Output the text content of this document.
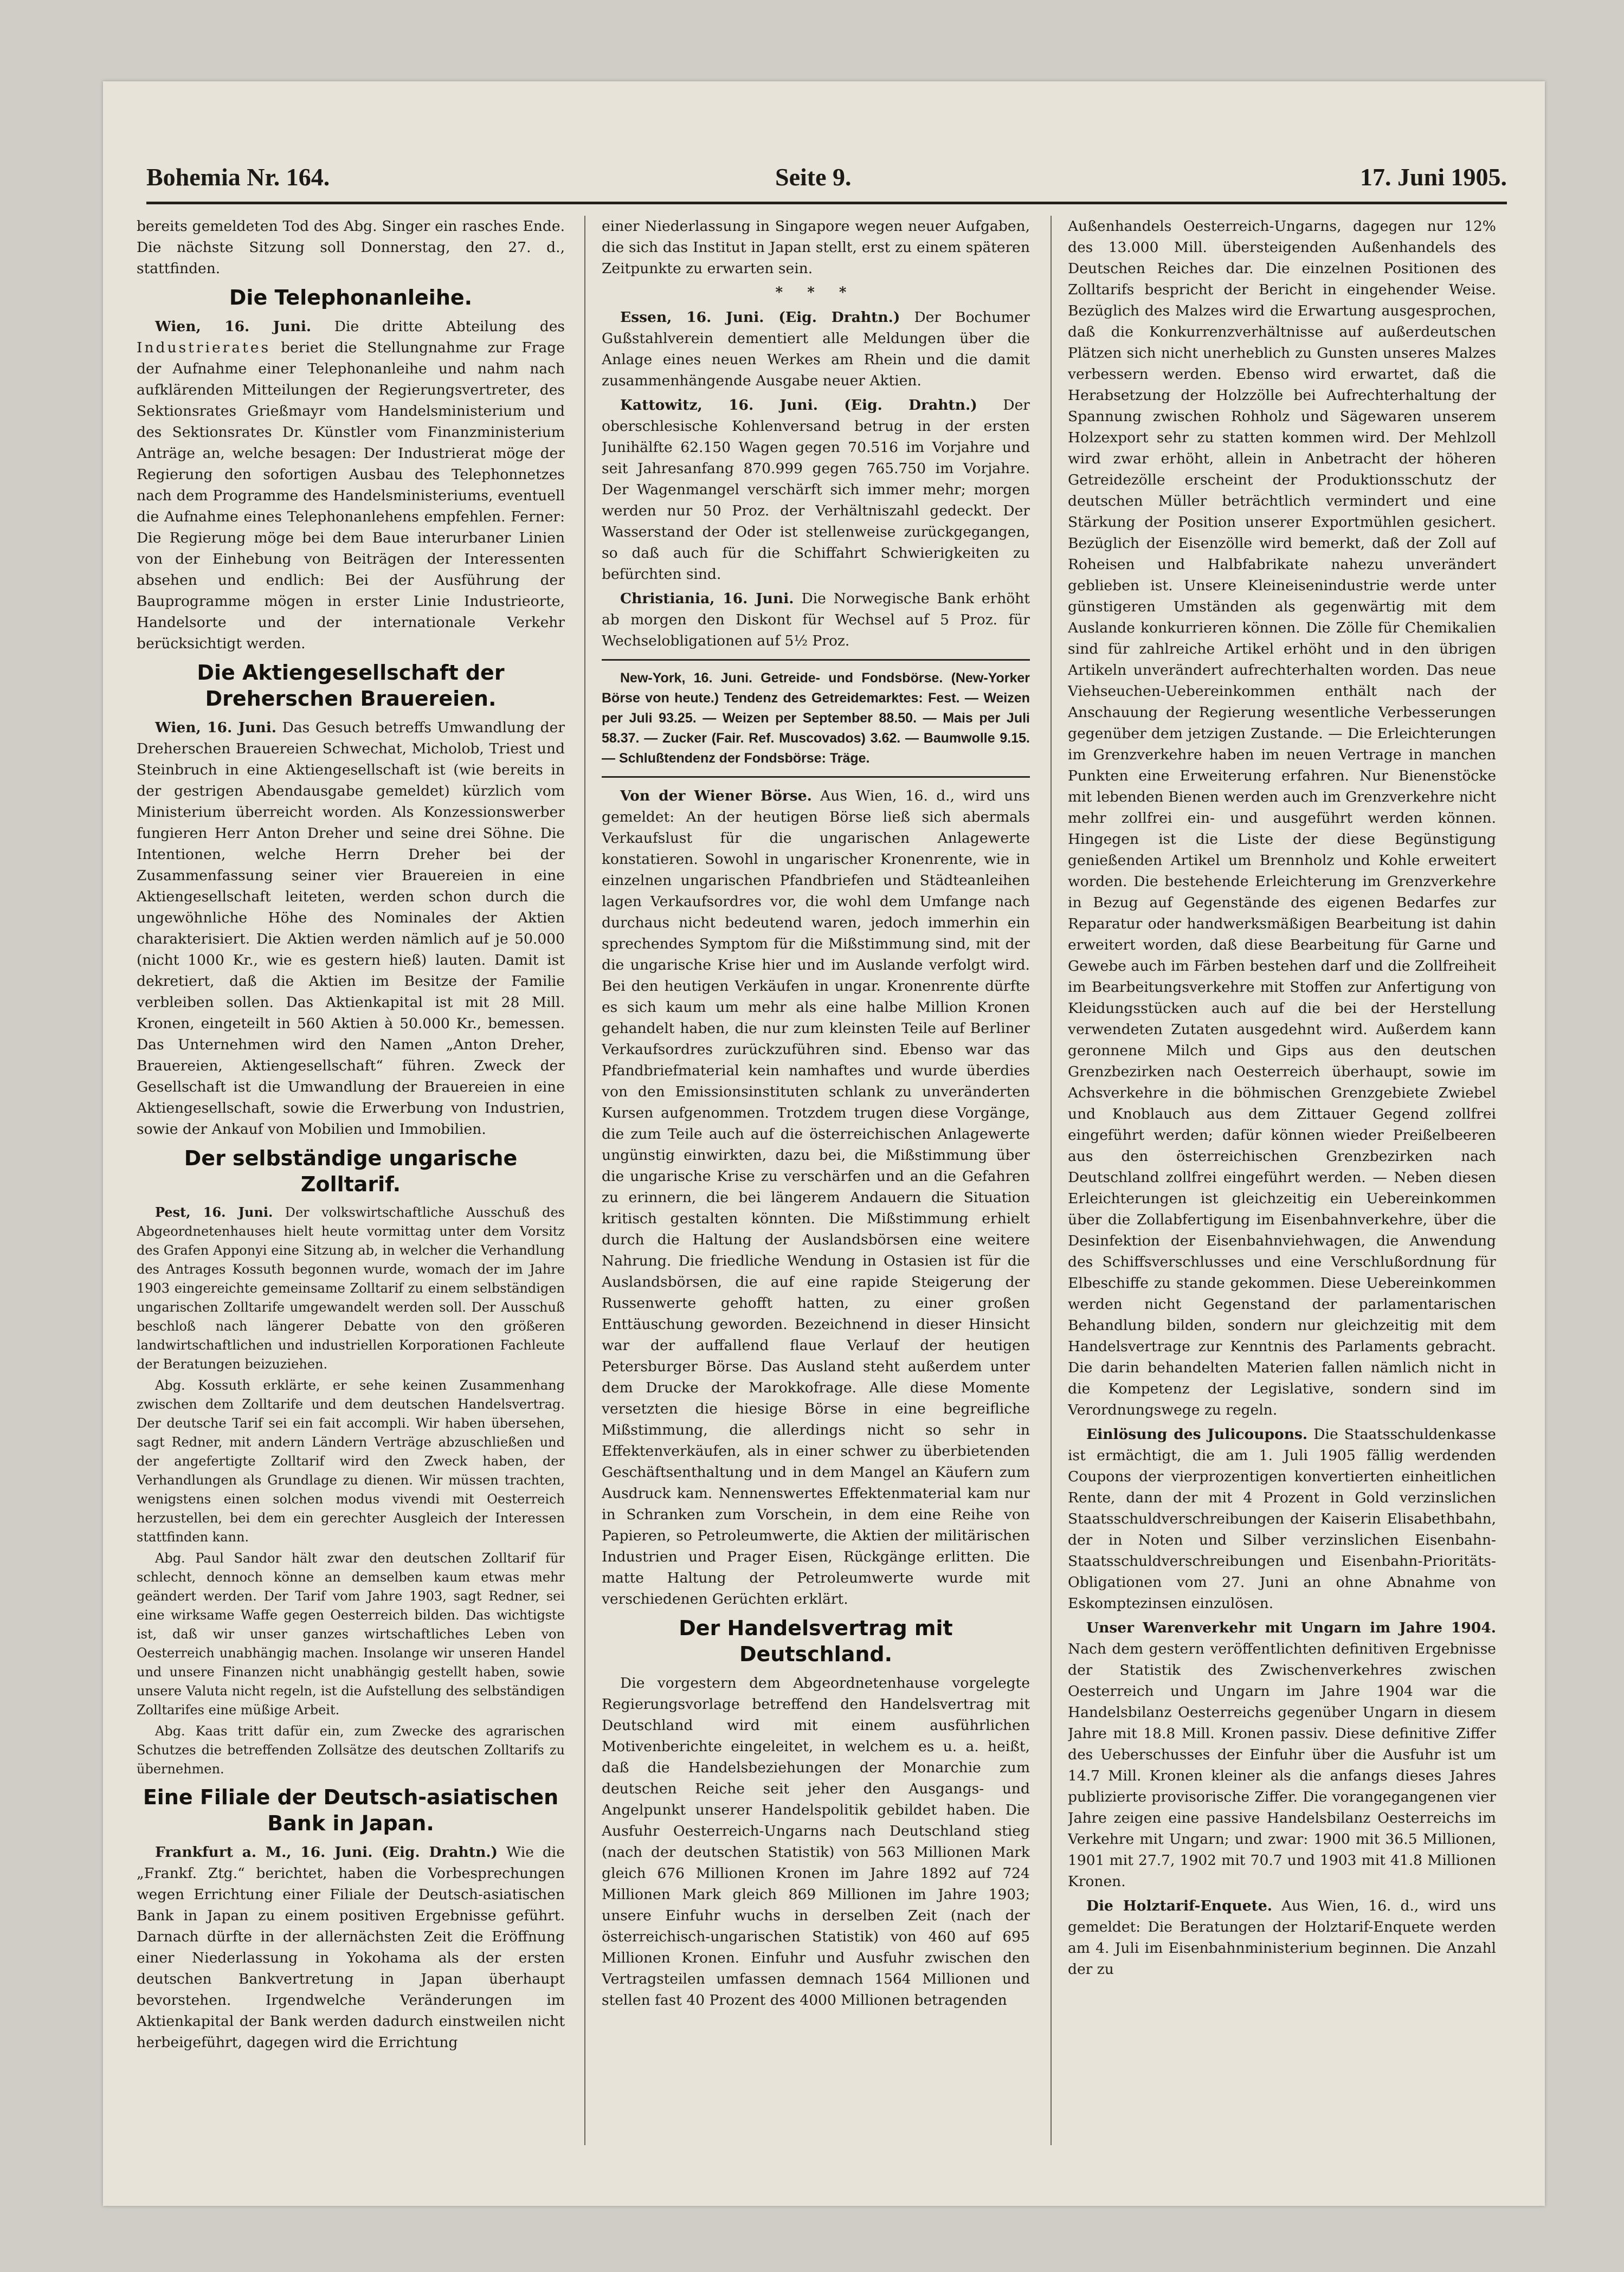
Bohemia Nr. 164.	Seite 9.	17. Juni 1905.

bereits gemeldeten Tod des Abg. Singer ein rasches Ende. Die nächste Sitzung soll Donnerstag, den 27. d., stattfinden.

Die Telephonanleihe.

Wien, 16. Juni. Die dritte Abteilung des Industrierates beriet die Stellungnahme zur Frage der Aufnahme einer Telephonanleihe und nahm nach aufklärenden Mitteilungen der Regierungsvertreter, des Sektionsrates Grießmayr vom Handelsministerium und des Sektionsrates Dr. Künstler vom Finanzministerium Anträge an, welche besagen: Der Industrierat möge der Regierung den sofortigen Ausbau des Telephonnetzes nach dem Programme des Handelsministeriums, eventuell die Aufnahme eines Telephonanlehens empfehlen. Ferner: Die Regierung möge bei dem Baue interurbaner Linien von der Einhebung von Beiträgen der Interessenten absehen und endlich: Bei der Ausführung der Bauprogramme mögen in erster Linie Industrieorte, Handelsorte und der internationale Verkehr berücksichtigt werden.

Die Aktiengesellschaft der Dreherschen Brauereien.

Wien, 16. Juni. Das Gesuch betreffs Umwandlung der Dreherschen Brauereien Schwechat, Micholob, Triest und Steinbruch in eine Aktiengesellschaft ist (wie bereits in der gestrigen Abendausgabe gemeldet) kürzlich vom Ministerium überreicht worden. Als Konzessionswerber fungieren Herr Anton Dreher und seine drei Söhne. Die Intentionen, welche Herrn Dreher bei der Zusammenfassung seiner vier Brauereien in eine Aktiengesellschaft leiteten, werden schon durch die ungewöhnliche Höhe des Nominales der Aktien charakterisiert. Die Aktien werden nämlich auf je 50.000 (nicht 1000 Kr., wie es gestern hieß) lauten. Damit ist dekretiert, daß die Aktien im Besitze der Familie verbleiben sollen. Das Aktienkapital ist mit 28 Mill. Kronen, eingeteilt in 560 Aktien à 50.000 Kr., bemessen. Das Unternehmen wird den Namen „Anton Dreher, Brauereien, Aktiengesellschaft“ führen. Zweck der Gesellschaft ist die Umwandlung der Brauereien in eine Aktiengesellschaft, sowie die Erwerbung von Industrien, sowie der Ankauf von Mobilien und Immobilien.

Der selbständige ungarische Zolltarif.

Pest, 16. Juni. Der volkswirtschaftliche Ausschuß des Abgeordnetenhauses hielt heute vormittag unter dem Vorsitz des Grafen Apponyi eine Sitzung ab, in welcher die Verhandlung des Antrages Kossuth begonnen wurde, womach der im Jahre 1903 eingereichte gemeinsame Zolltarif zu einem selbständigen ungarischen Zolltarife umgewandelt werden soll. Der Ausschuß beschloß nach längerer Debatte von den größeren landwirtschaftlichen und industriellen Korporationen Fachleute der Beratungen beizuziehen.

Abg. Kossuth erklärte, er sehe keinen Zusammenhang zwischen dem Zolltarife und dem deutschen Handelsvertrag. Der deutsche Tarif sei ein fait accompli. Wir haben übersehen, sagt Redner, mit andern Ländern Verträge abzuschließen und der angefertigte Zolltarif wird den Zweck haben, der Verhandlungen als Grundlage zu dienen. Wir müssen trachten, wenigstens einen solchen modus vivendi mit Oesterreich herzustellen, bei dem ein gerechter Ausgleich der Interessen stattfinden kann.

Abg. Paul Sandor hält zwar den deutschen Zolltarif für schlecht, dennoch könne an demselben kaum etwas mehr geändert werden. Der Tarif vom Jahre 1903, sagt Redner, sei eine wirksame Waffe gegen Oesterreich bilden. Das wichtigste ist, daß wir unser ganzes wirtschaftliches Leben von Oesterreich unabhängig machen. Insolange wir unseren Handel und unsere Finanzen nicht unabhängig gestellt haben, sowie unsere Valuta nicht regeln, ist die Aufstellung des selbständigen Zolltarifes eine müßige Arbeit.

Abg. Kaas tritt dafür ein, zum Zwecke des agrarischen Schutzes die betreffenden Zollsätze des deutschen Zolltarifs zu übernehmen.

Eine Filiale der Deutsch-asiatischen Bank in Japan.

Frankfurt a. M., 16. Juni. (Eig. Drahtn.) Wie die „Frankf. Ztg.“ berichtet, haben die Vorbesprechungen wegen Errichtung einer Filiale der Deutsch-asiatischen Bank in Japan zu einem positiven Ergebnisse geführt. Darnach dürfte in der allernächsten Zeit die Eröffnung einer Niederlassung in Yokohama als der ersten deutschen Bankvertretung in Japan überhaupt bevorstehen. Irgendwelche Veränderungen im Aktienkapital der Bank werden dadurch einstweilen nicht herbeigeführt, dagegen wird die Errichtung

einer Niederlassung in Singapore wegen neuer Aufgaben, die sich das Institut in Japan stellt, erst zu einem späteren Zeitpunkte zu erwarten sein.

* * *

Essen, 16. Juni. (Eig. Drahtn.) Der Bochumer Gußstahlverein dementiert alle Meldungen über die Anlage eines neuen Werkes am Rhein und die damit zusammenhängende Ausgabe neuer Aktien.

Kattowitz, 16. Juni. (Eig. Drahtn.) Der oberschlesische Kohlenversand betrug in der ersten Junihälfte 62.150 Wagen gegen 70.516 im Vorjahre und seit Jahresanfang 870.999 gegen 765.750 im Vorjahre. Der Wagenmangel verschärft sich immer mehr; morgen werden nur 50 Proz. der Verhältniszahl gedeckt. Der Wasserstand der Oder ist stellenweise zurückgegangen, so daß auch für die Schiffahrt Schwierigkeiten zu befürchten sind.

Christiania, 16. Juni. Die Norwegische Bank erhöht ab morgen den Diskont für Wechsel auf 5 Proz. für Wechselobligationen auf 5½ Proz.

New-York, 16. Juni. Getreide- und Fondsbörse. (New-Yorker Börse von heute.) Tendenz des Getreidemarktes: Fest. — Weizen per Juli 93.25. — Weizen per September 88.50. — Mais per Juli 58.37. — Zucker (Fair. Ref. Muscovados) 3.62. — Baumwolle 9.15. — Schlußtendenz der Fondsbörse: Träge.

Von der Wiener Börse. Aus Wien, 16. d., wird uns gemeldet: An der heutigen Börse ließ sich abermals Verkaufslust für die ungarischen Anlagewerte konstatieren. Sowohl in ungarischer Kronenrente, wie in einzelnen ungarischen Pfandbriefen und Städteanleihen lagen Verkaufsordres vor, die wohl dem Umfange nach durchaus nicht bedeutend waren, jedoch immerhin ein sprechendes Symptom für die Mißstimmung sind, mit der die ungarische Krise hier und im Auslande verfolgt wird. Bei den heutigen Verkäufen in ungar. Kronenrente dürfte es sich kaum um mehr als eine halbe Million Kronen gehandelt haben, die nur zum kleinsten Teile auf Berliner Verkaufsordres zurückzuführen sind. Ebenso war das Pfandbriefmaterial kein namhaftes und wurde überdies von den Emissionsinstituten schlank zu unveränderten Kursen aufgenommen. Trotzdem trugen diese Vorgänge, die zum Teile auch auf die österreichischen Anlagewerte ungünstig einwirkten, dazu bei, die Mißstimmung über die ungarische Krise zu verschärfen und an die Gefahren zu erinnern, die bei längerem Andauern die Situation kritisch gestalten könnten. Die Mißstimmung erhielt durch die Haltung der Auslandsbörsen eine weitere Nahrung. Die friedliche Wendung in Ostasien ist für die Auslandsbörsen, die auf eine rapide Steigerung der Russenwerte gehofft hatten, zu einer großen Enttäuschung geworden. Bezeichnend in dieser Hinsicht war der auffallend flaue Verlauf der heutigen Petersburger Börse. Das Ausland steht außerdem unter dem Drucke der Marokkofrage. Alle diese Momente versetzten die hiesige Börse in eine begreifliche Mißstimmung, die allerdings nicht so sehr in Effektenverkäufen, als in einer schwer zu überbietenden Geschäftsenthaltung und in dem Mangel an Käufern zum Ausdruck kam. Nennenswertes Effektenmaterial kam nur in Schranken zum Vorschein, in dem eine Reihe von Papieren, so Petroleumwerte, die Aktien der militärischen Industrien und Prager Eisen, Rückgänge erlitten. Die matte Haltung der Petroleumwerte wurde mit verschiedenen Gerüchten erklärt.

Der Handelsvertrag mit Deutschland.

Die vorgestern dem Abgeordnetenhause vorgelegte Regierungsvorlage betreffend den Handelsvertrag mit Deutschland wird mit einem ausführlichen Motivenberichte eingeleitet, in welchem es u. a. heißt, daß die Handelsbeziehungen der Monarchie zum deutschen Reiche seit jeher den Ausgangs- und Angelpunkt unserer Handelspolitik gebildet haben. Die Ausfuhr Oesterreich-Ungarns nach Deutschland stieg (nach der deutschen Statistik) von 563 Millionen Mark gleich 676 Millionen Kronen im Jahre 1892 auf 724 Millionen Mark gleich 869 Millionen im Jahre 1903; unsere Einfuhr wuchs in derselben Zeit (nach der österreichisch-ungarischen Statistik) von 460 auf 695 Millionen Kronen. Einfuhr und Ausfuhr zwischen den Vertragsteilen umfassen demnach 1564 Millionen und stellen fast 40 Prozent des 4000 Millionen betragenden

Außenhandels Oesterreich-Ungarns, dagegen nur 12% des 13.000 Mill. übersteigenden Außenhandels des Deutschen Reiches dar. Die einzelnen Positionen des Zolltarifs bespricht der Bericht in eingehender Weise. Bezüglich des Malzes wird die Erwartung ausgesprochen, daß die Konkurrenzverhältnisse auf außerdeutschen Plätzen sich nicht unerheblich zu Gunsten unseres Malzes verbessern werden. Ebenso wird erwartet, daß die Herabsetzung der Holzzölle bei Aufrechterhaltung der Spannung zwischen Rohholz und Sägewaren unserem Holzexport sehr zu statten kommen wird. Der Mehlzoll wird zwar erhöht, allein in Anbetracht der höheren Getreidezölle erscheint der Produktionsschutz der deutschen Müller beträchtlich vermindert und eine Stärkung der Position unserer Exportmühlen gesichert. Bezüglich der Eisenzölle wird bemerkt, daß der Zoll auf Roheisen und Halbfabrikate nahezu unverändert geblieben ist. Unsere Kleineisenindustrie werde unter günstigeren Umständen als gegenwärtig mit dem Auslande konkurrieren können. Die Zölle für Chemikalien sind für zahlreiche Artikel erhöht und in den übrigen Artikeln unverändert aufrechterhalten worden. Das neue Viehseuchen-Uebereinkommen enthält nach der Anschauung der Regierung wesentliche Verbesserungen gegenüber dem jetzigen Zustande. — Die Erleichterungen im Grenzverkehre haben im neuen Vertrage in manchen Punkten eine Erweiterung erfahren. Nur Bienenstöcke mit lebenden Bienen werden auch im Grenzverkehre nicht mehr zollfrei ein- und ausgeführt werden können. Hingegen ist die Liste der diese Begünstigung genießenden Artikel um Brennholz und Kohle erweitert worden. Die bestehende Erleichterung im Grenzverkehre in Bezug auf Gegenstände des eigenen Bedarfes zur Reparatur oder handwerksmäßigen Bearbeitung ist dahin erweitert worden, daß diese Bearbeitung für Garne und Gewebe auch im Färben bestehen darf und die Zollfreiheit im Bearbeitungsverkehre mit Stoffen zur Anfertigung von Kleidungsstücken auch auf die bei der Herstellung verwendeten Zutaten ausgedehnt wird. Außerdem kann geronnene Milch und Gips aus den deutschen Grenzbezirken nach Oesterreich überhaupt, sowie im Achsverkehre in die böhmischen Grenzgebiete Zwiebel und Knoblauch aus dem Zittauer Gegend zollfrei eingeführt werden; dafür können wieder Preißelbeeren aus den österreichischen Grenzbezirken nach Deutschland zollfrei eingeführt werden. — Neben diesen Erleichterungen ist gleichzeitig ein Uebereinkommen über die Zollabfertigung im Eisenbahnverkehre, über die Desinfektion der Eisenbahnviehwagen, die Anwendung des Schiffsverschlusses und eine Verschlußordnung für Elbeschiffe zu stande gekommen. Diese Uebereinkommen werden nicht Gegenstand der parlamentarischen Behandlung bilden, sondern nur gleichzeitig mit dem Handelsvertrage zur Kenntnis des Parlaments gebracht. Die darin behandelten Materien fallen nämlich nicht in die Kompetenz der Legislative, sondern sind im Verordnungswege zu regeln.

Einlösung des Julicoupons. Die Staatsschuldenkasse ist ermächtigt, die am 1. Juli 1905 fällig werdenden Coupons der vierprozentigen konvertierten einheitlichen Rente, dann der mit 4 Prozent in Gold verzinslichen Staatsschuldverschreibungen der Kaiserin Elisabethbahn, der in Noten und Silber verzinslichen Eisenbahn-Staatsschuldverschreibungen und Eisenbahn-Prioritäts-Obligationen vom 27. Juni an ohne Abnahme von Eskomptezinsen einzulösen.

Unser Warenverkehr mit Ungarn im Jahre 1904. Nach dem gestern veröffentlichten definitiven Ergebnisse der Statistik des Zwischenverkehres zwischen Oesterreich und Ungarn im Jahre 1904 war die Handelsbilanz Oesterreichs gegenüber Ungarn in diesem Jahre mit 18.8 Mill. Kronen passiv. Diese definitive Ziffer des Ueberschusses der Einfuhr über die Ausfuhr ist um 14.7 Mill. Kronen kleiner als die anfangs dieses Jahres publizierte provisorische Ziffer. Die vorangegangenen vier Jahre zeigen eine passive Handelsbilanz Oesterreichs im Verkehre mit Ungarn; und zwar: 1900 mit 36.5 Millionen, 1901 mit 27.7, 1902 mit 70.7 und 1903 mit 41.8 Millionen Kronen.

Die Holztarif-Enquete. Aus Wien, 16. d., wird uns gemeldet: Die Beratungen der Holztarif-Enquete werden am 4. Juli im Eisenbahnministerium beginnen. Die Anzahl der zu
